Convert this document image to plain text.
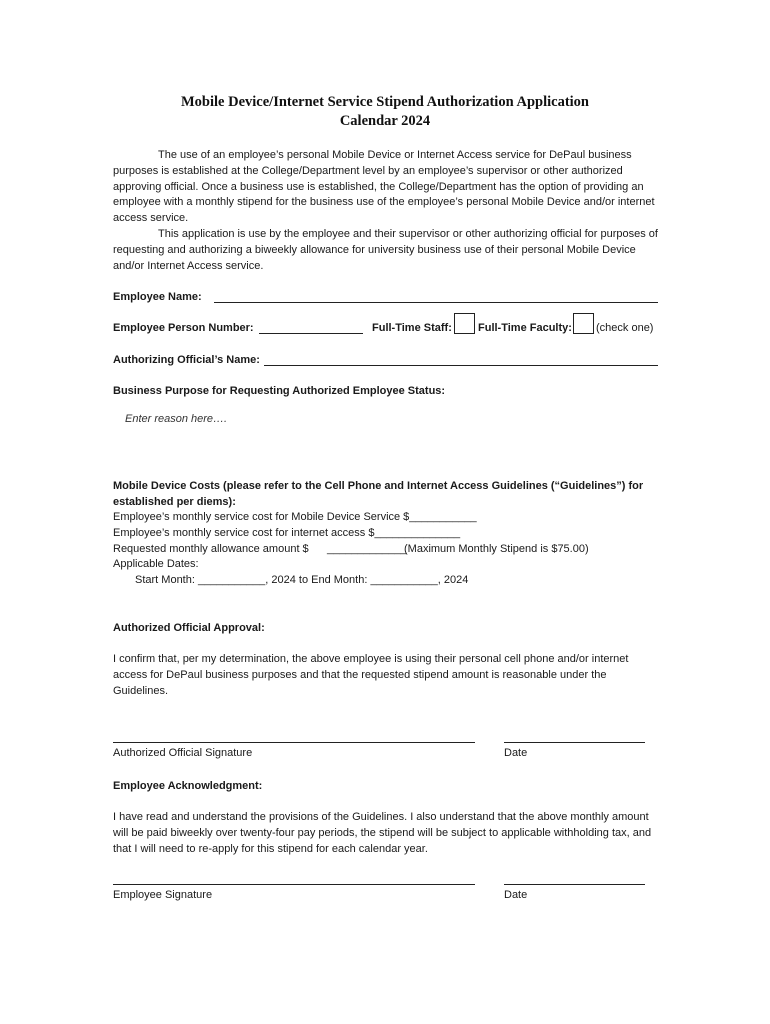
Mobile Device/Internet Service Stipend Authorization Application
Calendar 2024
The use of an employee’s personal Mobile Device or Internet Access service for DePaul business purposes is established at the College/Department level by an employee’s supervisor or other authorized approving official. Once a business use is established, the College/Department has the option of providing an employee with a monthly stipend for the business use of the employee’s personal Mobile Device and/or internet access service.
This application is use by the employee and their supervisor or other authorizing official for purposes of requesting and authorizing a biweekly allowance for university business use of their personal Mobile Device and/or Internet Access service.
Employee Name:
Employee Person Number:	Full-Time Staff: Full-Time Faculty: (check one)
Authorizing Official’s Name:
Business Purpose for Requesting Authorized Employee Status:
Enter reason here….
Mobile Device Costs (please refer to the Cell Phone and Internet Access Guidelines (“Guidelines”) for
established per diems):
Employee’s monthly service cost for Mobile Device Service $___________
Employee’s monthly service cost for internet access $______________
Requested monthly allowance amount $ _____________
(Maximum Monthly Stipend is $75.00)
Applicable Dates:
Start Month: ___________, 2024 to End Month: ___________, 2024
Authorized Official Approval:
I confirm that, per my determination, the above employee is using their personal cell phone and/or internet access for DePaul business purposes and that the requested stipend amount is reasonable under the Guidelines.
Authorized Official Signature	Date
Employee Acknowledgment:
I have read and understand the provisions of the Guidelines. I also understand that the above monthly amount will be paid biweekly over twenty-four pay periods, the stipend will be subject to applicable withholding tax, and that I will need to re-apply for this stipend for each calendar year.
Employee Signature	Date
